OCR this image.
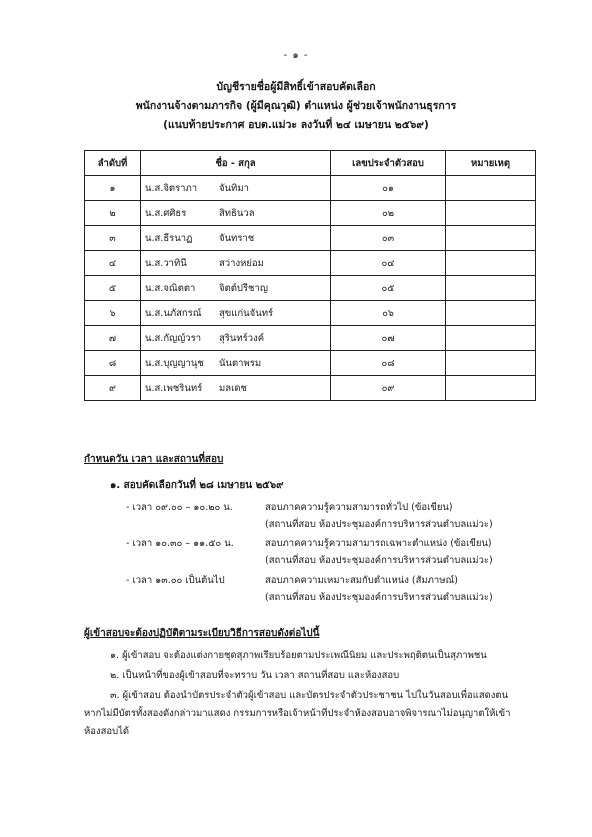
- ๑ -
บัญชีรายชื่อผู้มีสิทธิ์เข้าสอบคัดเลือก
พนักงานจ้างตามภารกิจ (ผู้มีคุณวุฒิ) ตำแหน่ง ผู้ช่วยเจ้าพนักงานธุรการ
(แนบท้ายประกาศ อบต.แม่วะ ลงวันที่ ๒๔ เมษายน ๒๕๖๙)
ลำดับที่	ชื่อ - สกุล	เลขประจำตัวสอบ	หมายเหตุ
๑	น.ส.จิตราภา จันทิมา	๐๑	
๒	น.ส.ศศิธร สิทธินวล	๐๒	
๓	น.ส.ธีรนาฏ จันทราช	๐๓	
๔	น.ส.วาทินี สว่างหย่อม	๐๔	
๕	น.ส.จณิตตา จิตต์ปรีชาญ	๐๕	
๖	น.ส.นภัสกรณ์ สุขแก่นจันทร์	๐๖	
๗	น.ส.กัญญ์วรา สุรินทร์วงค์	๐๗	
๘	น.ส.บุญญานุช นันตาพรม	๐๘	
๙	น.ส.เพชรินทร์ มลเดช	๐๙	
กำหนดวัน เวลา และสถานที่สอบ
๑. สอบคัดเลือกวันที่ ๒๘ เมษายน ๒๕๖๙
- เวลา ๐๙.๐๐ – ๑๐.๒๐ น.	สอบภาคความรู้ความสามารถทั่วไป (ข้อเขียน)
(สถานที่สอบ ห้องประชุมองค์การบริหารส่วนตำบลแม่วะ)
- เวลา ๑๐.๓๐ – ๑๑.๕๐ น.	สอบภาคความรู้ความสามารถเฉพาะตำแหน่ง (ข้อเขียน)
(สถานที่สอบ ห้องประชุมองค์การบริหารส่วนตำบลแม่วะ)
- เวลา ๑๓.๐๐ เป็นต้นไป	สอบภาคความเหมาะสมกับตำแหน่ง (สัมภาษณ์)
(สถานที่สอบ ห้องประชุมองค์การบริหารส่วนตำบลแม่วะ)
ผู้เข้าสอบจะต้องปฏิบัติตามระเบียบวิธีการสอบดังต่อไปนี้
๑. ผู้เข้าสอบ จะต้องแต่งกายชุดสุภาพเรียบร้อยตามประเพณีนิยม และประพฤติตนเป็นสุภาพชน
๒. เป็นหน้าที่ของผู้เข้าสอบที่จะทราบ วัน เวลา สถานที่สอบ และห้องสอบ
๓. ผู้เข้าสอบ ต้องนำบัตรประจำตัวผู้เข้าสอบ และบัตรประจำตัวประชาชน ไปในวันสอบเพื่อแสดงตน
หากไม่มีบัตรทั้งสองดังกล่าวมาแสดง กรรมการหรือเจ้าหน้าที่ประจำห้องสอบอาจพิจารณาไม่อนุญาตให้เข้า
ห้องสอบได้
